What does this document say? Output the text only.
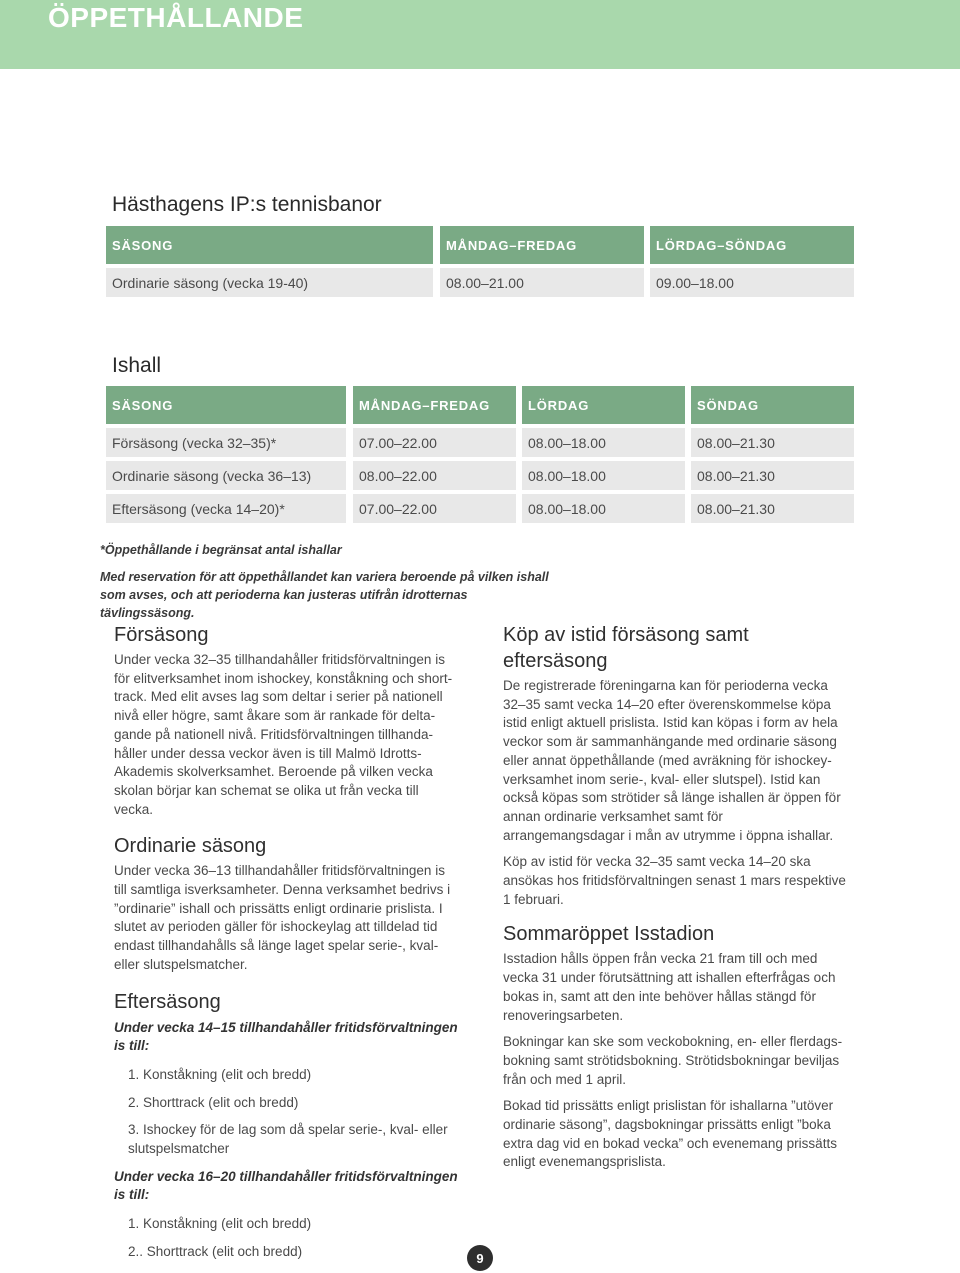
ÖPPETHÅLLANDE
Hästhagens IP:s tennisbanor
SÄSONG	MÅNDAG–FREDAG	LÖRDAG–SÖNDAG
Ordinarie säsong (vecka 19-40)	08.00–21.00	09.00–18.00
Ishall
SÄSONG	MÅNDAG–FREDAG	LÖRDAG	SÖNDAG
Försäsong (vecka 32–35)*	07.00–22.00	08.00–18.00	08.00–21.30
Ordinarie säsong (vecka 36–13)	08.00–22.00	08.00–18.00	08.00–21.30
Eftersäsong (vecka 14–20)*	07.00–22.00	08.00–18.00	08.00–21.30

*Öppethållande i begränsat antal ishallar

Med reservation för att öppethållandet kan variera beroende på vilken ishall som avses, och att perioderna kan justeras utifrån idrotternas tävlingssäsong.
Försäsong

Under vecka 32–35 tillhandahåller fritidsförvaltningen is för elitverksamhet inom ishockey, konståkning och short-track. Med elit avses lag som deltar i serier på nationell nivå eller högre, samt åkare som är rankade för delta-gande på nationell nivå. Fritidsförvaltningen tillhanda-håller under dessa veckor även is till Malmö Idrotts-Akademis skolverksamhet. Beroende på vilken vecka skolan börjar kan schemat se olika ut från vecka till vecka.

Ordinarie säsong

Under vecka 36–13 tillhandahåller fritidsförvaltningen is till samtliga isverksamheter. Denna verksamhet bedrivs i ”ordinarie” ishall och prissätts enligt ordinarie prislista. I slutet av perioden gäller för ishockeylag att tilldelad tid endast tillhandahålls så länge laget spelar serie-, kval-eller slutspelsmatcher.

Eftersäsong

Under vecka 14–15 tillhandahåller fritidsförvaltningen is till:

1. Konståkning (elit och bredd)

2. Shorttrack (elit och bredd)

3. Ishockey för de lag som då spelar serie-, kval- eller slutspelsmatcher

Under vecka 16–20 tillhandahåller fritidsförvaltningen is till:

1. Konståkning (elit och bredd)

2.. Shorttrack (elit och bredd)

Köp av istid försäsong samt eftersäsong

De registrerade föreningarna kan för perioderna vecka 32–35 samt vecka 14–20 efter överenskommelse köpa istid enligt aktuell prislista. Istid kan köpas i form av hela veckor som är sammanhängande med ordinarie säsong eller annat öppethållande (med avräkning för ishockey-verksamhet inom serie-, kval- eller slutspel). Istid kan också köpas som strötider så länge ishallen är öppen för annan ordinarie verksamhet samt för arrangemangsdagar i mån av utrymme i öppna ishallar.

Köp av istid för vecka 32–35 samt vecka 14–20 ska ansökas hos fritidsförvaltningen senast 1 mars respektive 1 februari.

Sommaröppet Isstadion

Isstadion hålls öppen från vecka 21 fram till och med vecka 31 under förutsättning att ishallen efterfrågas och bokas in, samt att den inte behöver hållas stängd för renoveringsarbeten.

Bokningar kan ske som veckobokning, en- eller flerdags-bokning samt strötidsbokning. Strötidsbokningar beviljas från och med 1 april.

Bokad tid prissätts enligt prislistan för ishallarna ”utöver ordinarie säsong”, dagsbokningar prissätts enligt ”boka extra dag vid en bokad vecka” och evenemang prissätts enligt evenemangsprislista.

9
